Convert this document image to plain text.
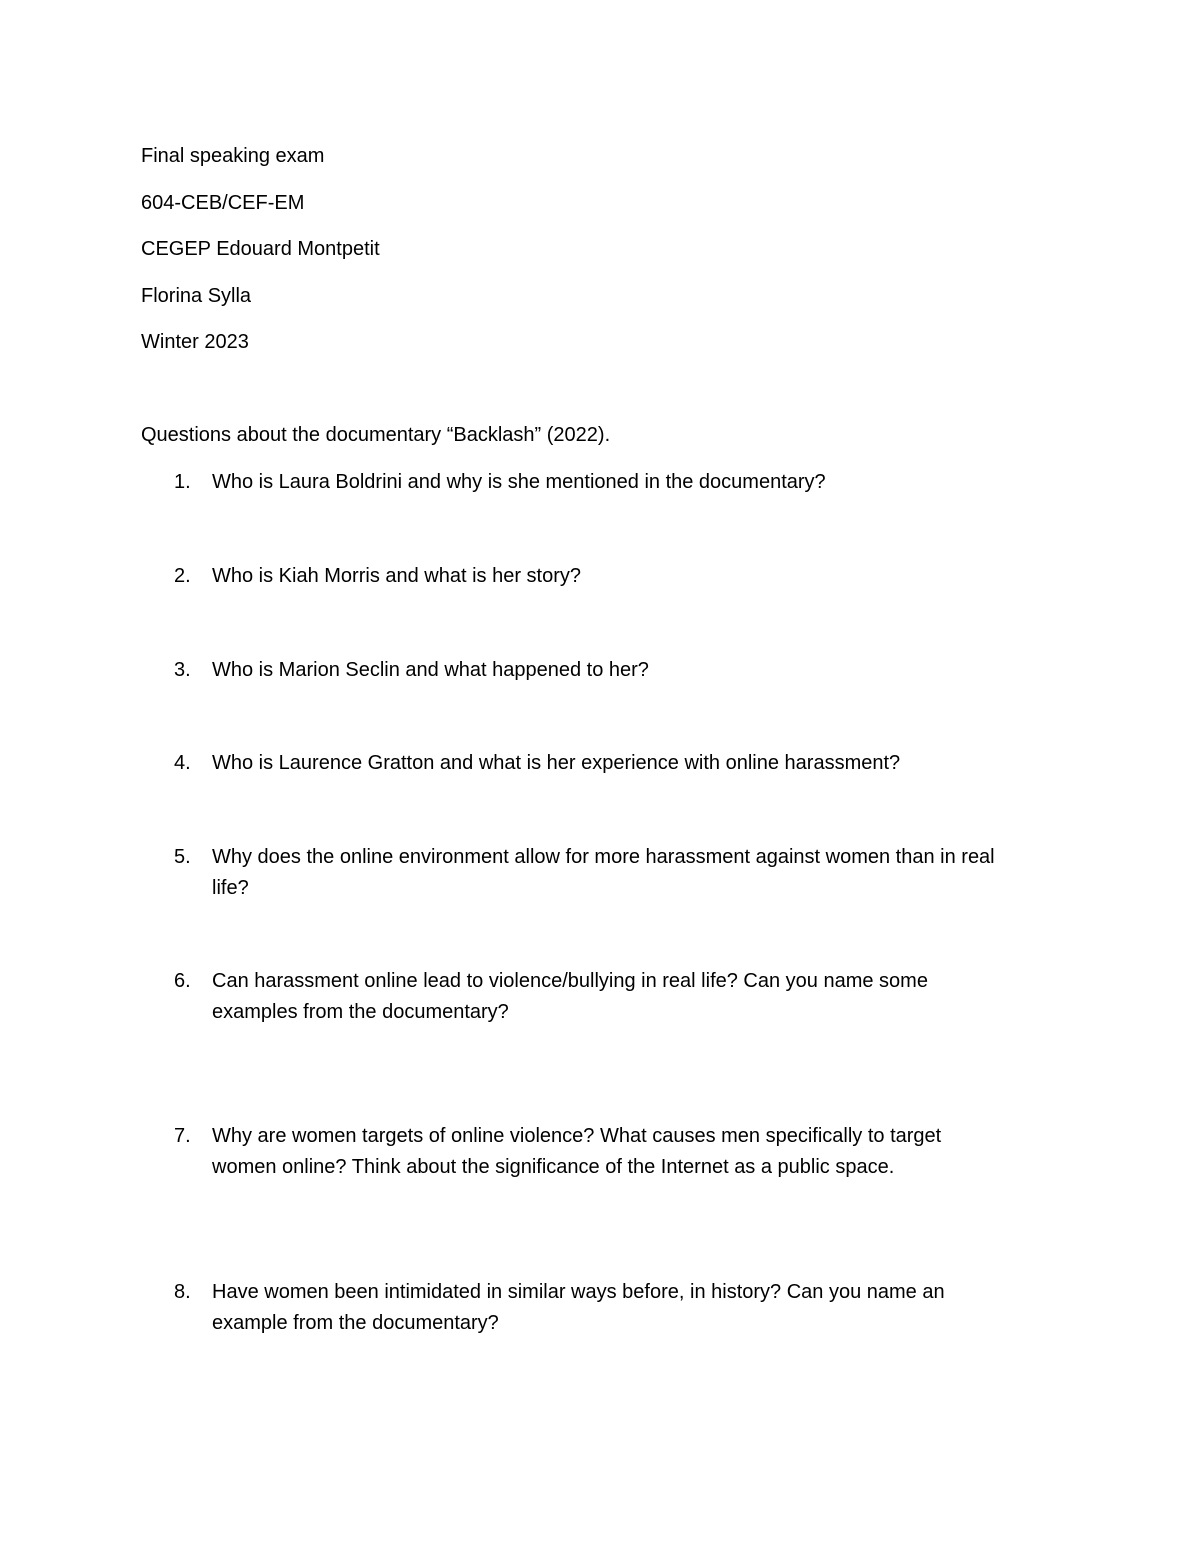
Final speaking exam
604-CEB/CEF-EM
CEGEP Edouard Montpetit
Florina Sylla
Winter 2023
Questions about the documentary “Backlash” (2022).
1. Who is Laura Boldrini and why is she mentioned in the documentary?
2. Who is Kiah Morris and what is her story?
3. Who is Marion Seclin and what happened to her?
4. Who is Laurence Gratton and what is her experience with online harassment?
5. Why does the online environment allow for more harassment against women than in real life?
6. Can harassment online lead to violence/bullying in real life? Can you name some examples from the documentary?
7. Why are women targets of online violence? What causes men specifically to target women online? Think about the significance of the Internet as a public space.
8. Have women been intimidated in similar ways before, in history? Can you name an example from the documentary?
